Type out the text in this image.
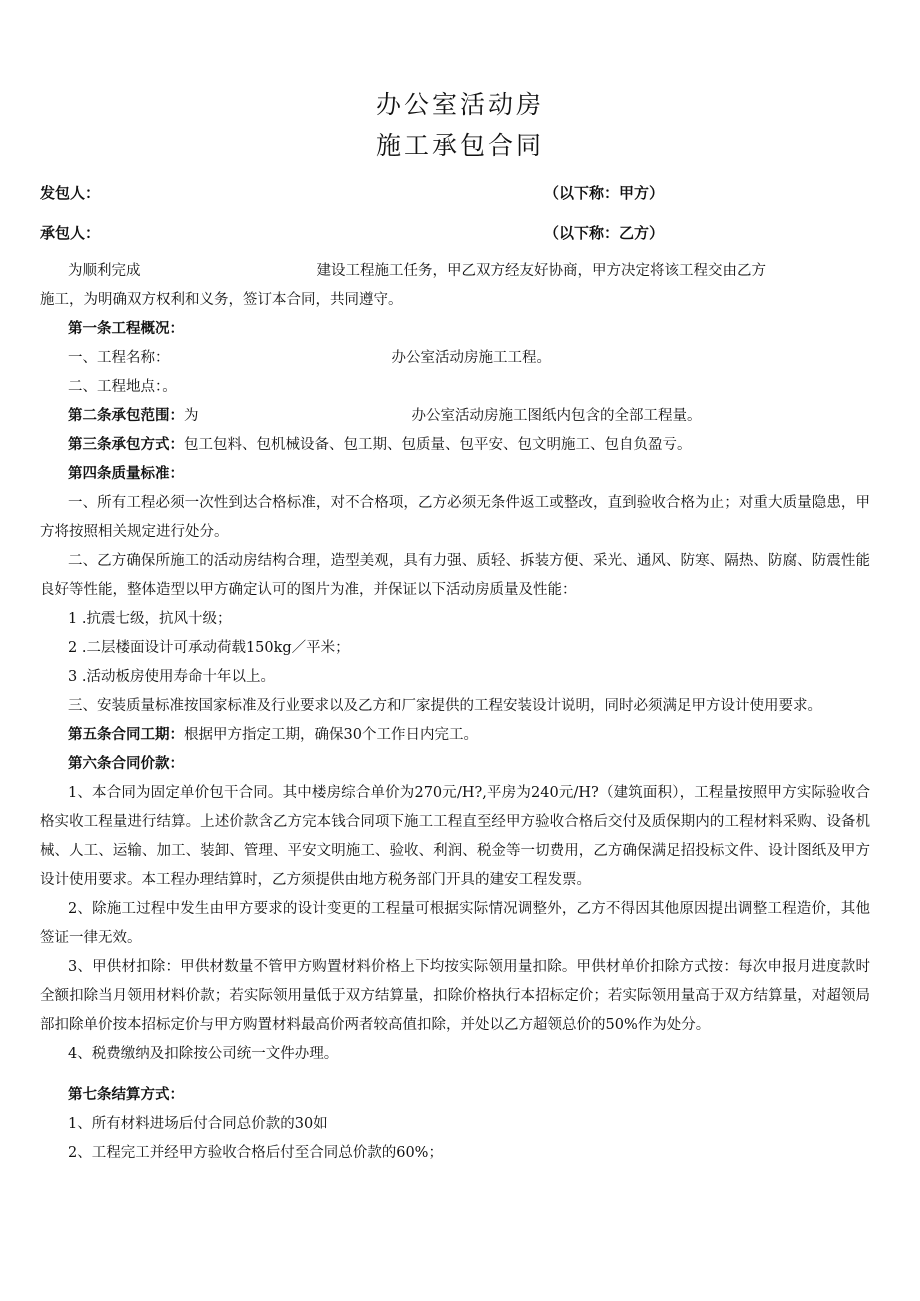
办公室活动房
施工承包合同
发包人：	（以下称：甲方）
承包人：	（以下称：乙方）

为顺利完成	建设工程施工任务，甲乙双方经友好协商，甲方决定将该工程交由乙方

施工，为明确双方权利和义务，签订本合同，共同遵守。

第一条工程概况：

一、工程名称：	办公室活动房施工工程。

二、工程地点：。

第二条承包范围：为	办公室活动房施工图纸内包含的全部工程量。

第三条承包方式：包工包料、包机械设备、包工期、包质量、包平安、包文明施工、包自负盈亏。

第四条质量标准：

一、所有工程必须一次性到达合格标准，对不合格项，乙方必须无条件返工或整改，直到验收合格为止；对重大质量隐患，甲方将按照相关规定进行处分。

二、乙方确保所施工的活动房结构合理，造型美观，具有力强、质轻、拆装方便、采光、通风、防寒、隔热、防腐、防震性能良好等性能，整体造型以甲方确定认可的图片为准，并保证以下活动房质量及性能：

1 .抗震七级，抗风十级；

2 .二层楼面设计可承动荷载150kg／平米；

3 .活动板房使用寿命十年以上。

三、安装质量标准按国家标准及行业要求以及乙方和厂家提供的工程安装设计说明，同时必须满足甲方设计使用要求。

第五条合同工期：根据甲方指定工期，确保30个工作日内完工。

第六条合同价款：

1、本合同为固定单价包干合同。其中楼房综合单价为270元/H?,平房为240元/H?（建筑面积），工程量按照甲方实际验收合格实收工程量进行结算。上述价款含乙方完本钱合同项下施工工程直至经甲方验收合格后交付及质保期内的工程材料采购、设备机械、人工、运输、加工、装卸、管理、平安文明施工、验收、利润、税金等一切费用，乙方确保满足招投标文件、设计图纸及甲方设计使用要求。本工程办理结算时，乙方须提供由地方税务部门开具的建安工程发票。

2、除施工过程中发生由甲方要求的设计变更的工程量可根据实际情况调整外，乙方不得因其他原因提出调整工程造价，其他签证一律无效。

3、甲供材扣除：甲供材数量不管甲方购置材料价格上下均按实际领用量扣除。甲供材单价扣除方式按：每次申报月进度款时全额扣除当月领用材料价款；若实际领用量低于双方结算量，扣除价格执行本招标定价；若实际领用量高于双方结算量，对超领局部扣除单价按本招标定价与甲方购置材料最高价两者较高值扣除，并处以乙方超领总价的50%作为处分。

4、税费缴纳及扣除按公司统一文件办理。

第七条结算方式：

1、所有材料进场后付合同总价款的30如

2、工程完工并经甲方验收合格后付至合同总价款的60%；
